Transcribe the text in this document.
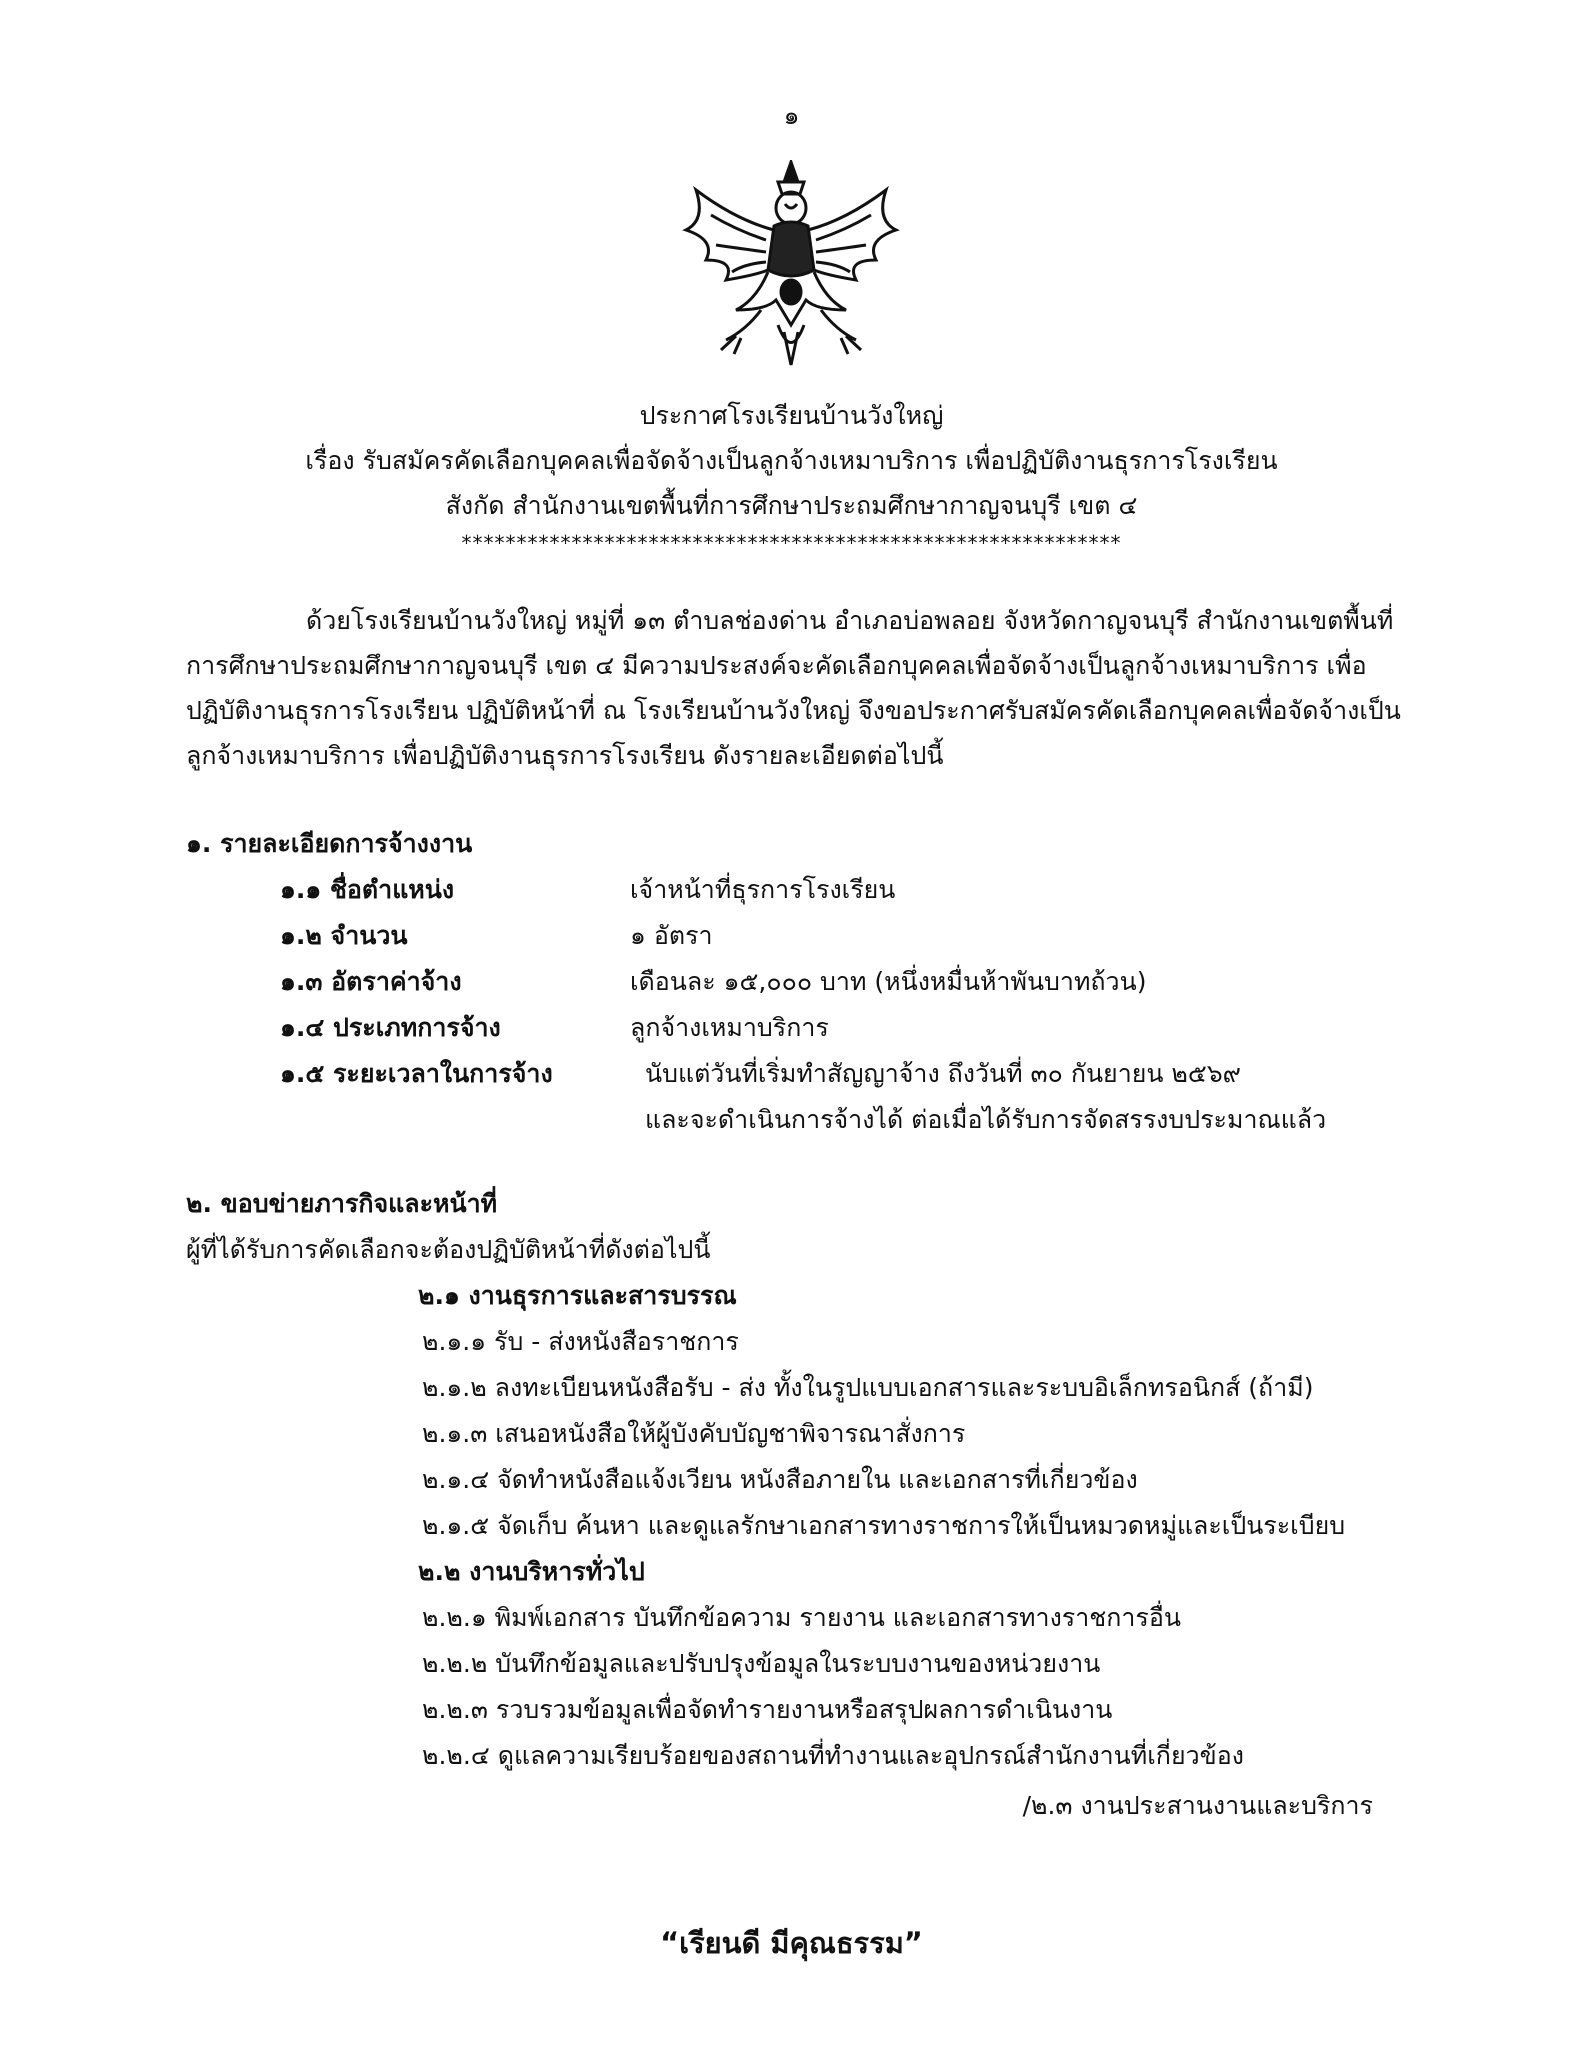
๑
ประกาศโรงเรียนบ้านวังใหญ่
เรื่อง รับสมัครคัดเลือกบุคคลเพื่อจัดจ้างเป็นลูกจ้างเหมาบริการ เพื่อปฏิบัติงานธุรการโรงเรียน
สังกัด สำนักงานเขตพื้นที่การศึกษาประถมศึกษากาญจนบุรี เขต ๔
************************************************************
ด้วยโรงเรียนบ้านวังใหญ่ หมู่ที่ ๑๓ ตำบลช่องด่าน อำเภอบ่อพลอย จังหวัดกาญจนบุรี สำนักงานเขตพื้นที่การศึกษาประถมศึกษากาญจนบุรี เขต ๔ มีความประสงค์จะคัดเลือกบุคคลเพื่อจัดจ้างเป็นลูกจ้างเหมาบริการ เพื่อปฏิบัติงานธุรการโรงเรียน ปฏิบัติหน้าที่ ณ โรงเรียนบ้านวังใหญ่ จึงขอประกาศรับสมัครคัดเลือกบุคคลเพื่อจัดจ้างเป็นลูกจ้างเหมาบริการ เพื่อปฏิบัติงานธุรการโรงเรียน ดังรายละเอียดต่อไปนี้
๑. รายละเอียดการจ้างงาน
๑.๑ ชื่อตำแหน่ง	เจ้าหน้าที่ธุรการโรงเรียน
๑.๒ จำนวน	๑ อัตรา
๑.๓ อัตราค่าจ้าง	เดือนละ ๑๕,๐๐๐ บาท (หนึ่งหมื่นห้าพันบาทถ้วน)
๑.๔ ประเภทการจ้าง	ลูกจ้างเหมาบริการ
๑.๕ ระยะเวลาในการจ้าง	นับแต่วันที่เริ่มทำสัญญาจ้าง ถึงวันที่ ๓๐ กันยายน ๒๕๖๙
และจะดำเนินการจ้างได้ ต่อเมื่อได้รับการจัดสรรงบประมาณแล้ว
๒. ขอบข่ายภารกิจและหน้าที่
ผู้ที่ได้รับการคัดเลือกจะต้องปฏิบัติหน้าที่ดังต่อไปนี้
๒.๑ งานธุรการและสารบรรณ
๒.๑.๑ รับ - ส่งหนังสือราชการ
๒.๑.๒ ลงทะเบียนหนังสือรับ - ส่ง ทั้งในรูปแบบเอกสารและระบบอิเล็กทรอนิกส์ (ถ้ามี)
๒.๑.๓ เสนอหนังสือให้ผู้บังคับบัญชาพิจารณาสั่งการ
๒.๑.๔ จัดทำหนังสือแจ้งเวียน หนังสือภายใน และเอกสารที่เกี่ยวข้อง
๒.๑.๕ จัดเก็บ ค้นหา และดูแลรักษาเอกสารทางราชการให้เป็นหมวดหมู่และเป็นระเบียบ
๒.๒ งานบริหารทั่วไป
๒.๒.๑ พิมพ์เอกสาร บันทึกข้อความ รายงาน และเอกสารทางราชการอื่น
๒.๒.๒ บันทึกข้อมูลและปรับปรุงข้อมูลในระบบงานของหน่วยงาน
๒.๒.๓ รวบรวมข้อมูลเพื่อจัดทำรายงานหรือสรุปผลการดำเนินงาน
๒.๒.๔ ดูแลความเรียบร้อยของสถานที่ทำงานและอุปกรณ์สำนักงานที่เกี่ยวข้อง
/๒.๓ งานประสานงานและบริการ
“เรียนดี มีคุณธรรม”
